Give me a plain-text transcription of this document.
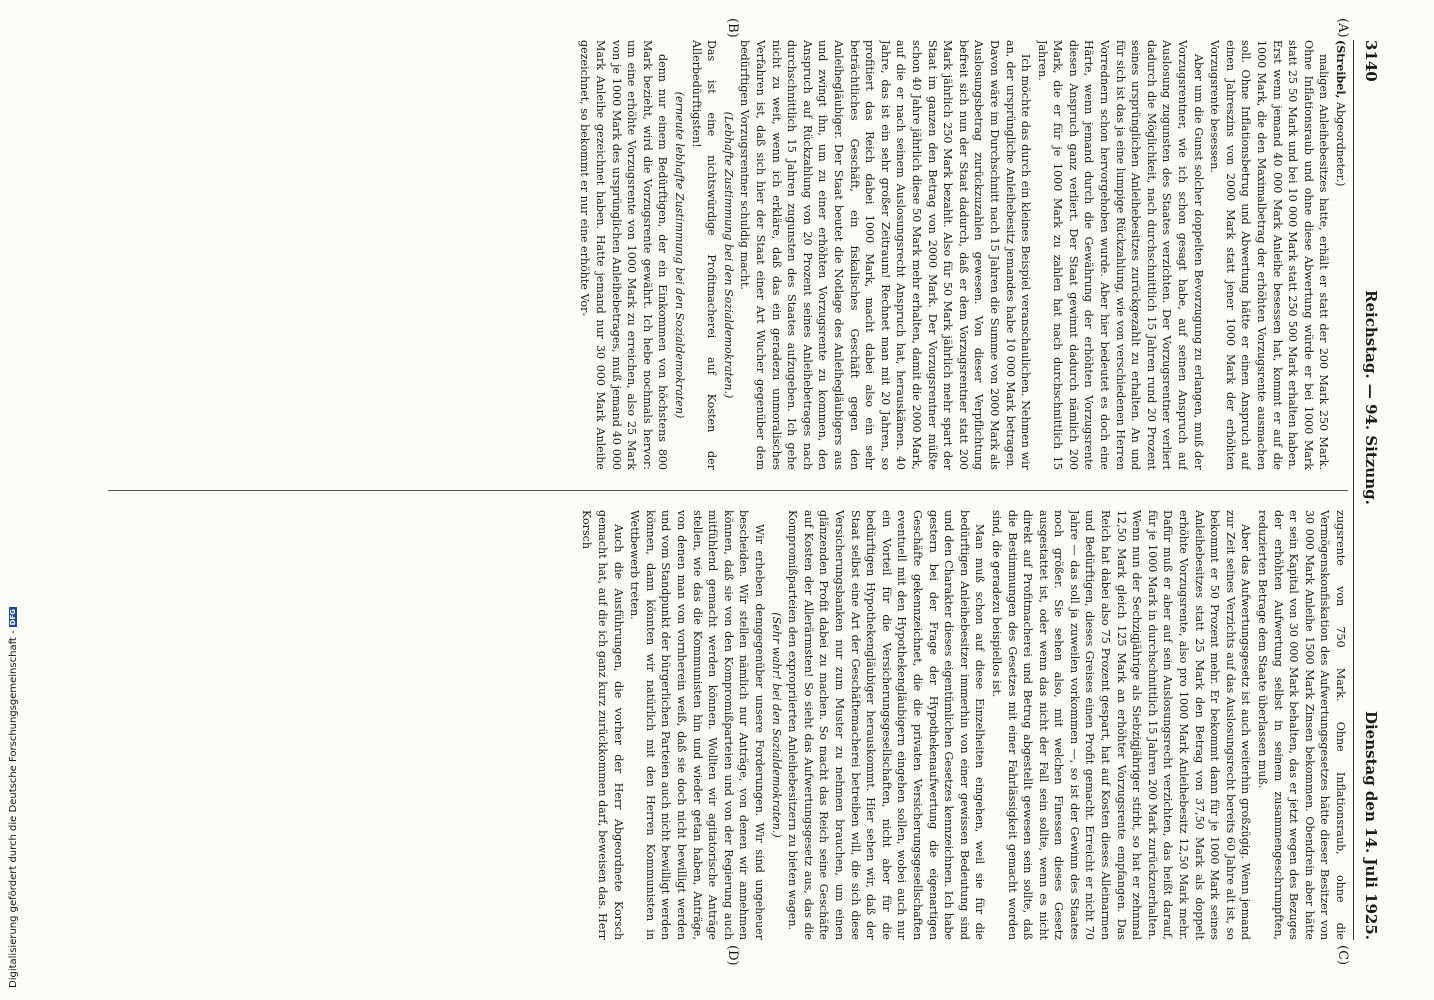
3140
Reichstag. — 94. Sitzung.
Dienstag den 14. Juli 1925.
(A)
(B)
(C)
(D)

(Streibel, Abgeordneter.)

maligen Anleihebesitzes hatte, erhält er statt der 200 Mark 250 Mark. Ohne Inflationsraub und ohne diese Abwertung würde er bei 1000 Mark statt 25 50 Mark und bei 10 000 Mark statt 250 500 Mark erhalten haben. Erst wenn jemand 40 000 Mark Anleihe besessen hat, kommt er auf die 1000 Mark, die den Maximalbetrag der erhöhten Vorzugsrente ausmachen soll. Ohne Inflationsbetrug und Abwertung hätte er einen Anspruch auf einen Jahreszins von 2000 Mark statt jener 1000 Mark der erhöhten Vorzugsrente besessen.

Aber um die Gunst solcher doppelten Bevorzugung zu erlangen, muß der Vorzugsrentner, wie ich schon gesagt habe, auf seinen Anspruch auf Auslosung zugunsten des Staates verzichten. Der Vorzugsrentner verliert dadurch die Möglichkeit, nach durchschnittlich 15 Jahren rund 20 Prozent seines ursprünglichen Anleihebesitzes zurückgezahlt zu erhalten. An und für sich ist das ja eine lumpige Rückzahlung, wie von verschiedenen Herren Vorrednern schon hervorgehoben wurde. Aber hier bedeutet es doch eine Härte, wenn jemand durch die Gewährung der erhöhten Vorzugsrente diesen Anspruch ganz verliert. Der Staat gewinnt dadurch nämlich 200 Mark, die er für je 1000 Mark zu zahlen hat nach durchschnittlich 15 Jahren.

Ich möchte das durch ein kleines Beispiel veranschaulichen. Nehmen wir an, der ursprüngliche Anleihebesitz jemandes habe 10 000 Mark betragen. Davon wäre im Durchschnitt nach 15 Jahren die Summe von 2000 Mark als Auslosungsbetrag zurückzuzahlen gewesen. Von dieser Verpflichtung befreit sich nun der Staat dadurch, daß er dem Vorzugsrentner statt 200 Mark jährlich 250 Mark bezahlt. Also für 50 Mark jährlich mehr spart der Staat im ganzen den Betrag von 2000 Mark. Der Vorzugsrentner müßte schon 40 Jahre jährlich diese 50 Mark mehr erhalten, damit die 2000 Mark, auf die er nach seinem Auslosungsrecht Anspruch hat, herauskämen. 40 Jahre, das ist ein sehr großer Zeitraum! Rechnet man mit 20 Jahren, so profitiert das Reich dabei 1000 Mark, macht dabei also ein sehr beträchtliches Geschäft, ein fiskalisches Geschäft gegen den Anleihegläubiger. Der Staat beutet die Notlage des Anleihegläubigers aus und zwingt ihn, um zu einer erhöhten Vorzugsrente zu kommen, den Anspruch auf Rückzahlung von 20 Prozent seines Anleihebetrages nach durchschnittlich 15 Jahren zugunsten des Staates aufzugeben. Ich gehe nicht zu weit, wenn ich erkläre, daß das ein geradezu unmoralisches Verfahren ist, daß sich hier der Staat einer Art Wucher gegenüber dem bedürftigen Vorzugsrentner schuldig macht.

(Lebhafte Zustimmung bei den Sozialdemokraten.)

Das ist eine nichtswürdige Profitmacherei auf Kosten der Allerbedürftigsten!

(erneute lebhafte Zustimmung bei den Sozialdemokraten)

denn nur einem Bedürftigen, der ein Einkommen von höchstens 800 Mark bezieht, wird die Vorzugsrente gewährt. Ich hebe nochmals hervor: um eine erhöhte Vorzugsrente von 1000 Mark zu erreichen, also 25 Mark von je 1000 Mark des ursprünglichen Anleihebetrages, muß jemand 40 000 Mark Anleihe gezeichnet haben. Hatte jemand nur 30 000 Mark Anleihe gezeichnet, so bekommt er nur eine erhöhte Vor-

zugsrente von 750 Mark. Ohne Inflationsraub, ohne die Vermögenskonfiskation des Aufwertungsgesetzes hätte dieser Besitzer von 30 000 Mark Anleihe 1500 Mark Zinsen bekommen. Obendrein aber hätte er sein Kapital von 30 000 Mark behalten, das er jetzt wegen des Bezuges der erhöhten Aufwertung selbst in seinem zusammengeschrumpften, reduzierten Betrage dem Staate überlassen muß.

Aber das Aufwertungsgesetz ist auch weiterhin großzügig. Wenn jemand zur Zeit seines Verzichts auf das Auslosungsrecht bereits 60 Jahre alt ist, so bekommt er 50 Prozent mehr. Er bekommt dann für je 1000 Mark seines Anleihebesitzes statt 25 Mark den Betrag von 37,50 Mark als doppelt erhöhte Vorzugsrente, also pro 1000 Mark Anleihebesitz 12,50 Mark mehr. Dafür muß er aber auf sein Auslosungsrecht verzichten, das heißt darauf, für je 1000 Mark in durchschnittlich 15 Jahren 200 Mark zurückzuerhalten. Wenn nun der Sechzigjährige als Siebzigjähriger stirbt, so hat er zehnmal 12,50 Mark gleich 125 Mark an erhöhter Vorzugsrente empfangen. Das Reich hat dabei also 75 Prozent gespart, hat auf Kosten dieses Alleinarmen und Bedürftigen, dieses Greises einen Profit gemacht. Erreicht er nicht 70 Jahre — das soll ja zuweilen vorkommen —, so ist der Gewinn des Staates noch größer. Sie sehen also, mit welchen Finessen dieses Gesetz ausgestattet ist, oder wenn das nicht der Fall sein sollte, wenn es nicht direkt auf Profitmacherei und Betrug abgestellt gewesen sein sollte, daß die Bestimmungen des Gesetzes mit einer Fahrlässigkeit gemacht worden sind, die geradezu beispiellos ist.

Man muß schon auf diese Einzelheiten eingehen, weil sie für die bedürftigen Anleihebesitzer immerhin von einer gewissen Bedeutung sind und den Charakter dieses eigentümlichen Gesetzes kennzeichnen. Ich habe gestern bei der Frage der Hypothekenaufwertung die eigenartigen Geschäfte gekennzeichnet, die die privaten Versicherungsgesellschaften eventuell mit den Hypothekengläubigern eingehen sollen, wobei auch nur ein Vorteil für die Versicherungsgesellschaften, nicht aber für die bedürftigen Hypothekengläubiger herauskommt. Hier sehen wir, daß der Staat selbst eine Art der Geschäftemacherei betreiben will, die sich diese Versicherungsbanken nur zum Muster zu nehmen brauchen, um einen glänzenden Profit dabei zu machen. So macht das Reich seine Geschäfte auf Kosten der Allerärmsten! So sieht das Aufwertungsgesetz aus, das die Kompromißparteien den expropriierten Anleihebesitzern zu bieten wagen.

(Sehr wahr! bei den Sozialdemokraten.)

Wir erheben demgegenüber unsere Forderungen. Wir sind ungeheuer bescheiden. Wir stellen nämlich nur Anträge, von denen wir annehmen können, daß sie von den Kompromißparteien und von der Regierung auch mitfühlend gemacht werden können. Wollten wir agitatorische Anträge stellen, wie das die Kommunisten hin und wieder getan haben, Anträge, von denen man von vornherein weiß, daß sie doch nicht bewilligt werden und vom Standpunkt der bürgerlichen Parteien auch nicht bewilligt werden können, dann könnten wir natürlich mit den Herren Kommunisten in Wettbewerb treten.

Auch die Ausführungen, die vorher der Herr Abgeordnete Korsch gemacht hat, auf die ich ganz kurz zurückkommen darf, beweisen das. Herr Korsch

Digitalisierung gefördert durch die Deutsche Forschungsgemeinschaft -DFG
